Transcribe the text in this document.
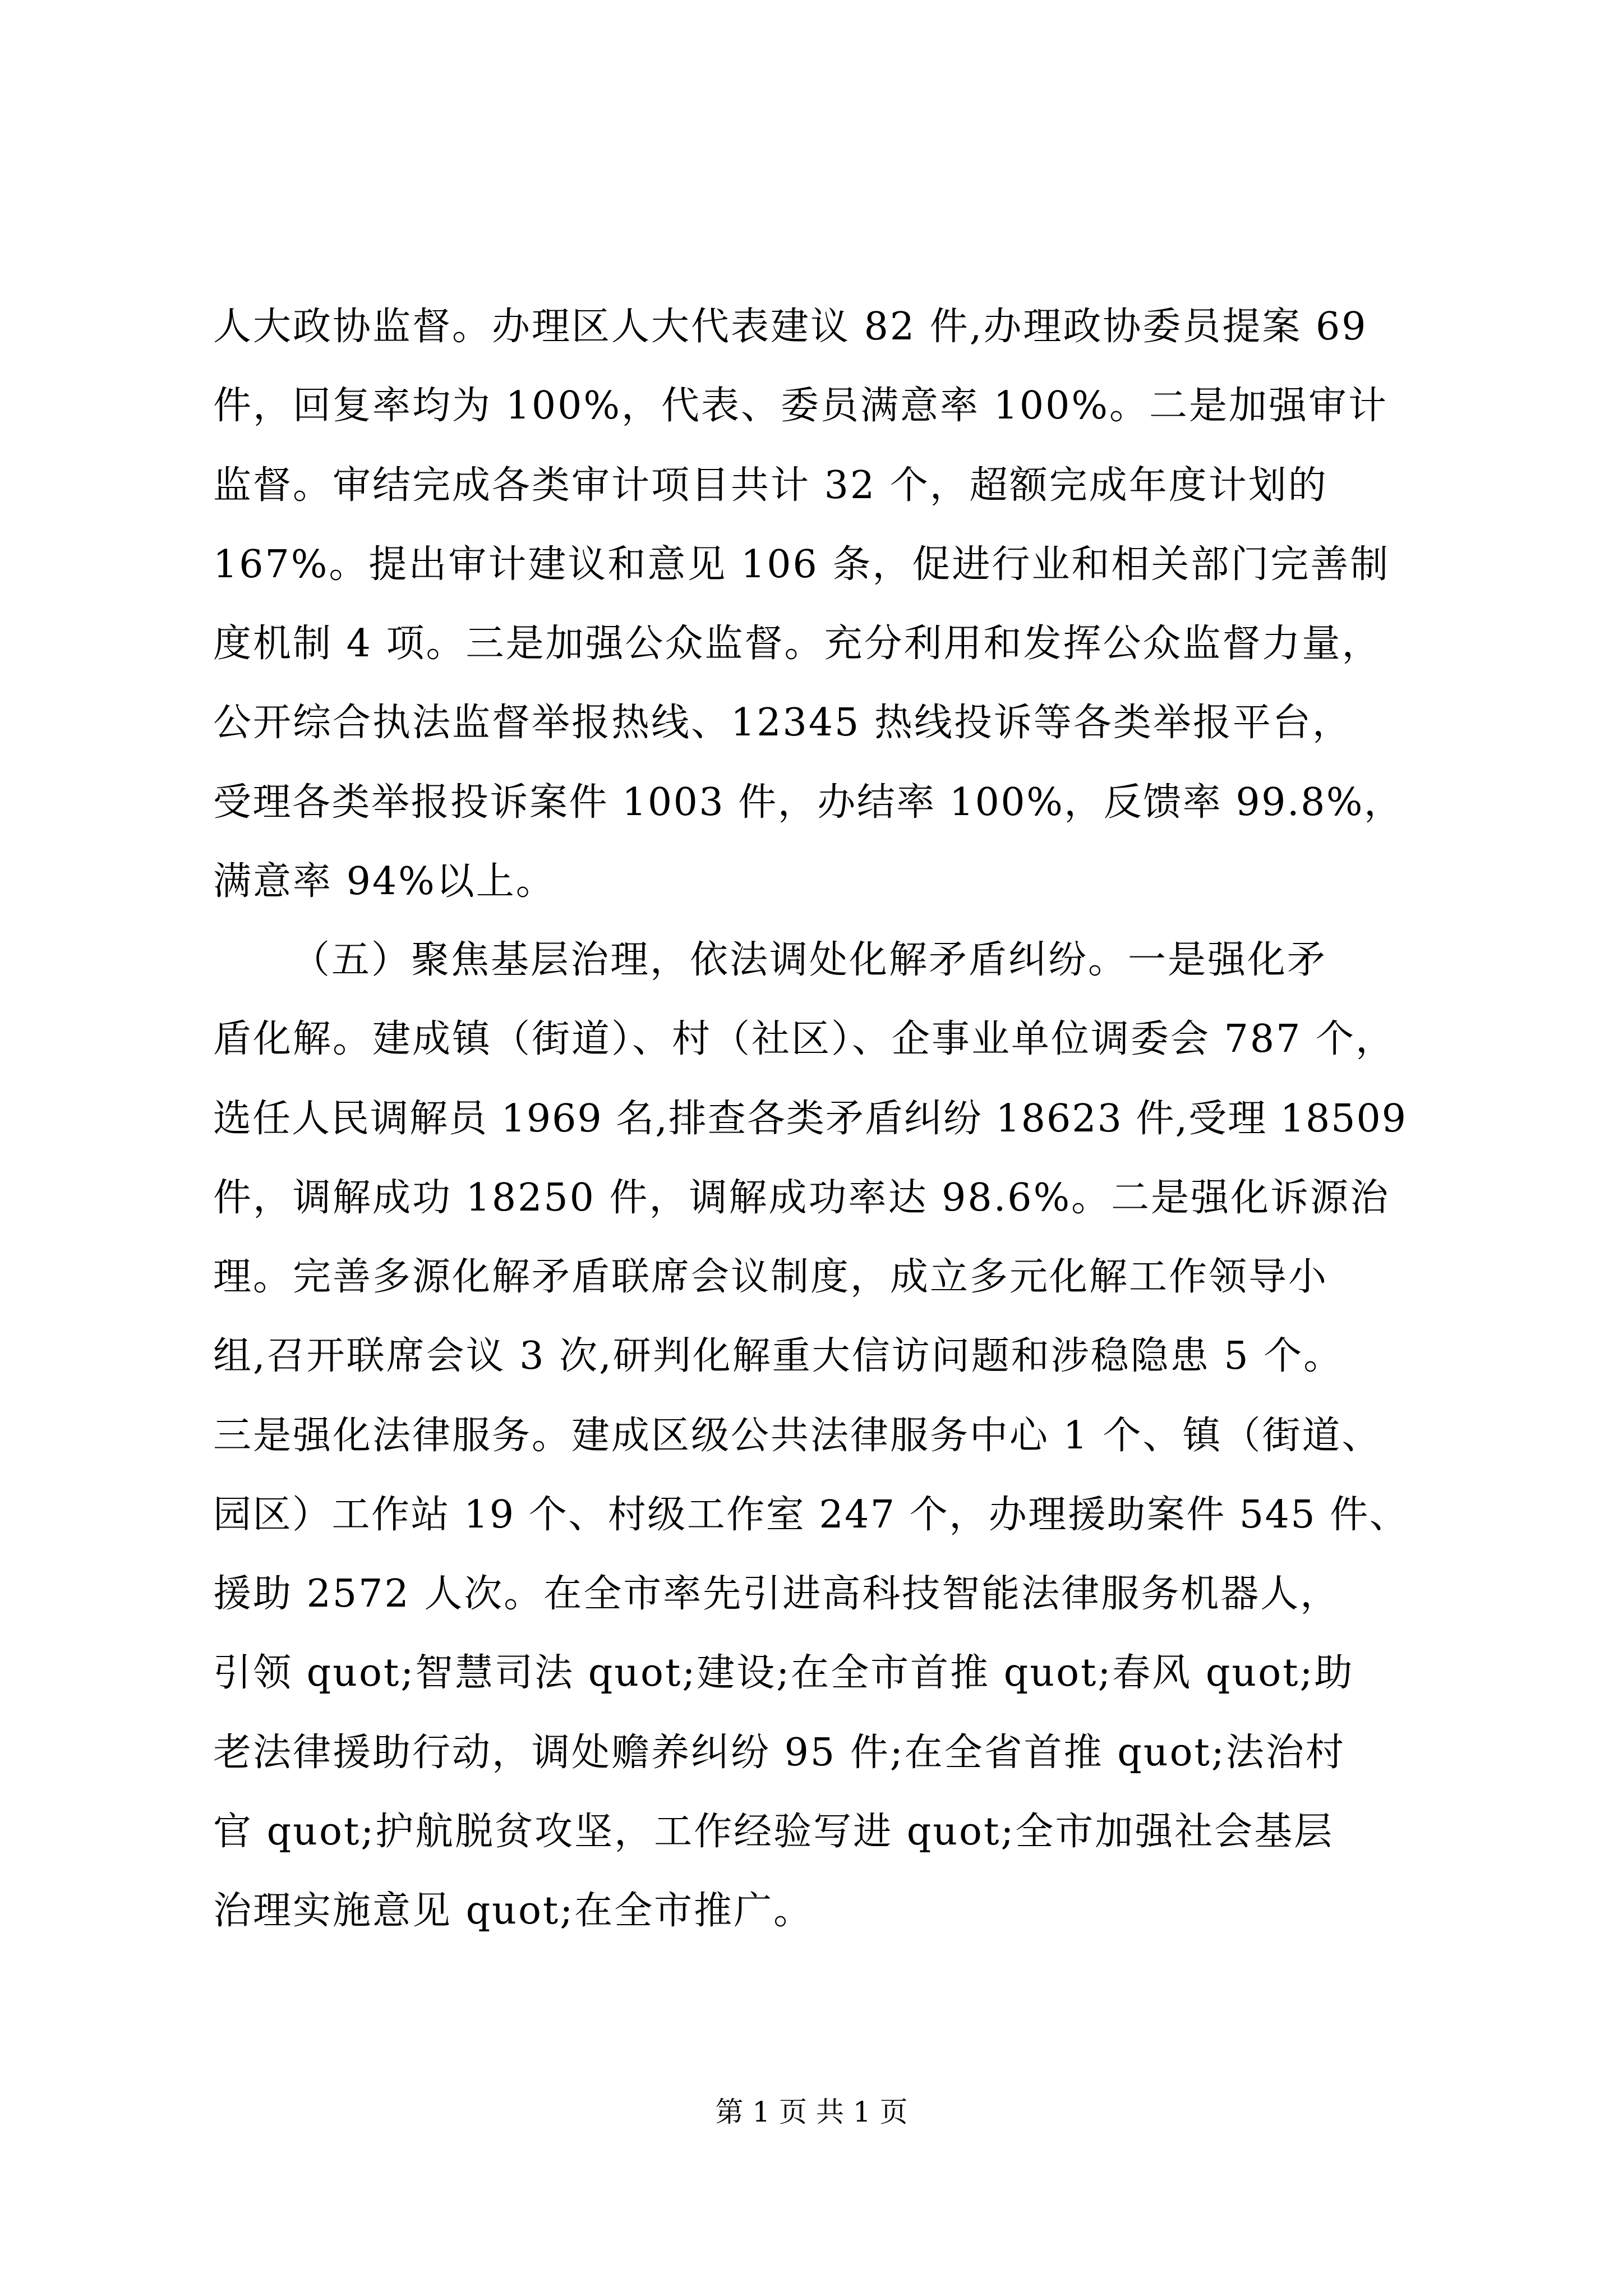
人大政协监督。办理区人大代表建议 82 件,办理政协委员提案 69
件，回复率均为 100%，代表、委员满意率 100%。二是加强审计
监督。审结完成各类审计项目共计 32 个，超额完成年度计划的
167%。提出审计建议和意见 106 条，促进行业和相关部门完善制
度机制 4 项。三是加强公众监督。充分利用和发挥公众监督力量，
公开综合执法监督举报热线、12345 热线投诉等各类举报平台，
受理各类举报投诉案件 1003 件，办结率 100%，反馈率 99.8%，
满意率 94%以上。
（五）聚焦基层治理，依法调处化解矛盾纠纷。一是强化矛
盾化解。建成镇（街道）、村（社区）、企事业单位调委会 787 个，
选任人民调解员 1969 名,排查各类矛盾纠纷 18623 件,受理 18509
件，调解成功 18250 件，调解成功率达 98.6%。二是强化诉源治
理。完善多源化解矛盾联席会议制度，成立多元化解工作领导小
组,召开联席会议 3 次,研判化解重大信访问题和涉稳隐患 5 个。
三是强化法律服务。建成区级公共法律服务中心 1 个、镇（街道、
园区）工作站 19 个、村级工作室 247 个，办理援助案件 545 件、
援助 2572 人次。在全市率先引进高科技智能法律服务机器人，
引领 quot;智慧司法 quot;建设;在全市首推 quot;春风 quot;助
老法律援助行动，调处赡养纠纷 95 件;在全省首推 quot;法治村
官 quot;护航脱贫攻坚，工作经验写进 quot;全市加强社会基层
治理实施意见 quot;在全市推广。
第 1 页 共 1 页
